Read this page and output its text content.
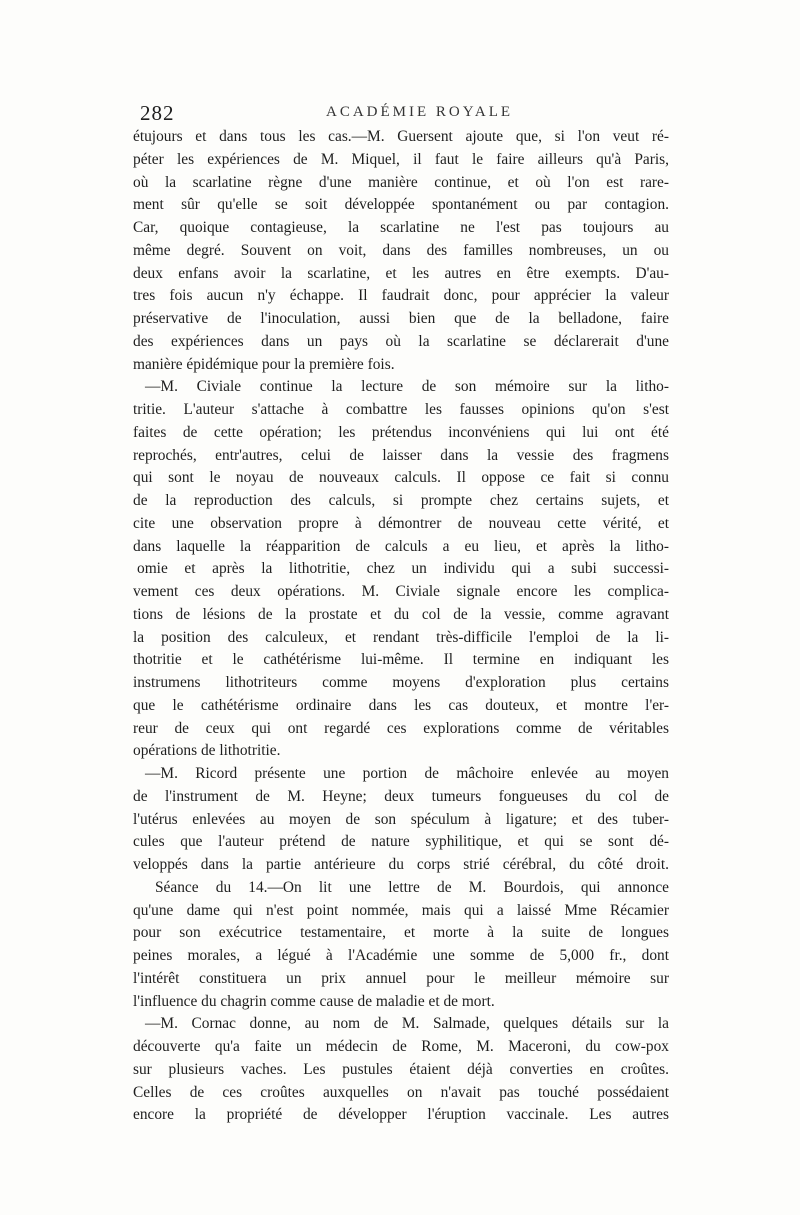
282	ACADÉMIE ROYALE
étujours et dans tous les cas.—M. Guersent ajoute que, si l'on veut ré-
péter les expériences de M. Miquel, il faut le faire ailleurs qu'à Paris,
où la scarlatine règne d'une manière continue, et où l'on est rare-
ment sûr qu'elle se soit développée spontanément ou par contagion.
Car, quoique contagieuse, la scarlatine ne l'est pas toujours au
même degré. Souvent on voit, dans des familles nombreuses, un ou
deux enfans avoir la scarlatine, et les autres en être exempts. D'au-
tres fois aucun n'y échappe. Il faudrait donc, pour apprécier la valeur
préservative de l'inoculation, aussi bien que de la belladone, faire
des expériences dans un pays où la scarlatine se déclarerait d'une
manière épidémique pour la première fois.
—M. Civiale continue la lecture de son mémoire sur la litho-
tritie. L'auteur s'attache à combattre les fausses opinions qu'on s'est
faites de cette opération; les prétendus inconvéniens qui lui ont été
reprochés, entr'autres, celui de laisser dans la vessie des fragmens
qui sont le noyau de nouveaux calculs. Il oppose ce fait si connu
de la reproduction des calculs, si prompte chez certains sujets, et
cite une observation propre à démontrer de nouveau cette vérité, et
dans laquelle la réapparition de calculs a eu lieu, et après la litho-
omie et après la lithotritie, chez un individu qui a subi successi-
vement ces deux opérations. M. Civiale signale encore les complica-
tions de lésions de la prostate et du col de la vessie, comme agravant
la position des calculeux, et rendant très-difficile l'emploi de la li-
thotritie et le cathétérisme lui-même. Il termine en indiquant les
instrumens lithotriteurs comme moyens d'exploration plus certains
que le cathétérisme ordinaire dans les cas douteux, et montre l'er-
reur de ceux qui ont regardé ces explorations comme de véritables
opérations de lithotritie.
—M. Ricord présente une portion de mâchoire enlevée au moyen
de l'instrument de M. Heyne; deux tumeurs fongueuses du col de
l'utérus enlevées au moyen de son spéculum à ligature; et des tuber-
cules que l'auteur prétend de nature syphilitique, et qui se sont dé-
veloppés dans la partie antérieure du corps strié cérébral, du côté droit.
Séance du 14.—On lit une lettre de M. Bourdois, qui annonce
qu'une dame qui n'est point nommée, mais qui a laissé Mme Récamier
pour son exécutrice testamentaire, et morte à la suite de longues
peines morales, a légué à l'Académie une somme de 5,000 fr., dont
l'intérêt constituera un prix annuel pour le meilleur mémoire sur
l'influence du chagrin comme cause de maladie et de mort.
—M. Cornac donne, au nom de M. Salmade, quelques détails sur la
découverte qu'a faite un médecin de Rome, M. Maceroni, du cow-pox
sur plusieurs vaches. Les pustules étaient déjà converties en croûtes.
Celles de ces croûtes auxquelles on n'avait pas touché possédaient
encore la propriété de développer l'éruption vaccinale. Les autres
